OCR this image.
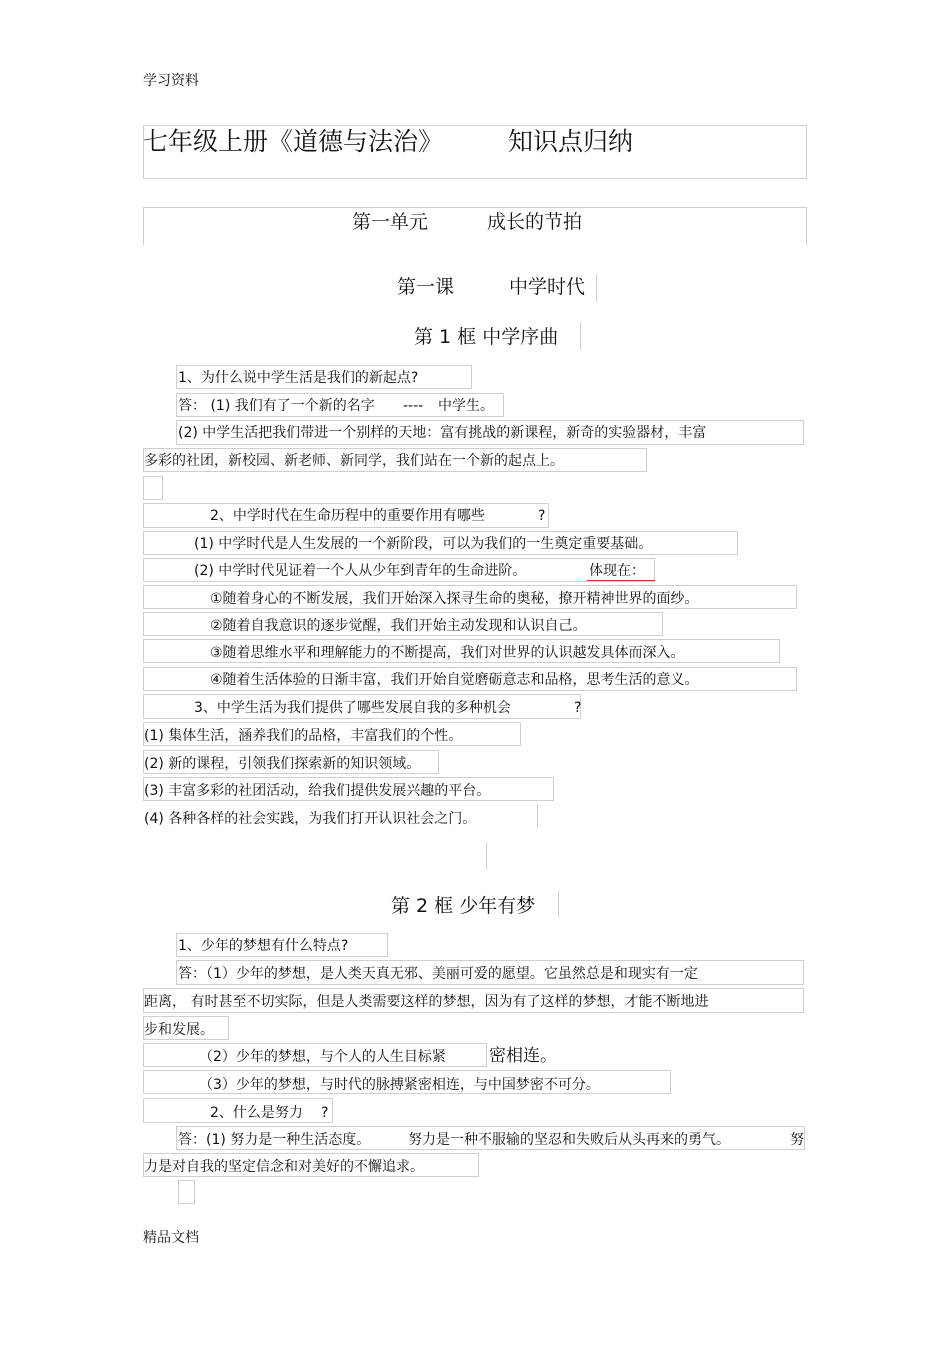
学习资料
七年级上册《道德与法治》	知识点归纳
第一单元	成长的节拍
第一课	中学时代
第 1 框 中学序曲
1、为什么说中学生活是我们的新起点?
答： (1) 我们有了一个新的名字 ---- 中学生。
(2) 中学生活把我们带进一个别样的天地：富有挑战的新课程，新奇的实验器材，丰富
多彩的社团，新校园、新老师、新同学，我们站在一个新的起点上。
2、中学时代在生命历程中的重要作用有哪些	?
(1) 中学时代是人生发展的一个新阶段，可以为我们的一生奠定重要基础。
(2) 中学时代见证着一个人从少年到青年的生命进阶。	体现在：
①随着身心的不断发展，我们开始深入探寻生命的奥秘，撩开精神世界的面纱。
②随着自我意识的逐步觉醒，我们开始主动发现和认识自己。
③随着思维水平和理解能力的不断提高，我们对世界的认识越发具体而深入。
④随着生活体验的日渐丰富，我们开始自觉磨砺意志和品格，思考生活的意义。
3、中学生活为我们提供了哪些发展自我的多种机会	?
(1) 集体生活，涵养我们的品格，丰富我们的个性。
(2) 新的课程，引领我们探索新的知识领域。
(3) 丰富多彩的社团活动，给我们提供发展兴趣的平台。
(4) 各种各样的社会实践，为我们打开认识社会之门。
第 2 框 少年有梦
1、少年的梦想有什么特点?
答：（1）少年的梦想，是人类天真无邪、美丽可爱的愿望。它虽然总是和现实有一定
距离， 有时甚至不切实际，但是人类需要这样的梦想，因为有了这样的梦想，才能不断地进
步和发展。
（2）少年的梦想，与个人的人生目标紧	密相连。
（3）少年的梦想，与时代的脉搏紧密相连，与中国梦密不可分。
2、什么是努力 ?
答：(1) 努力是一种生活态度。	努力是一种不服输的坚忍和失败后从头再来的勇气。	努
力是对自我的坚定信念和对美好的不懈追求。
精品文档
